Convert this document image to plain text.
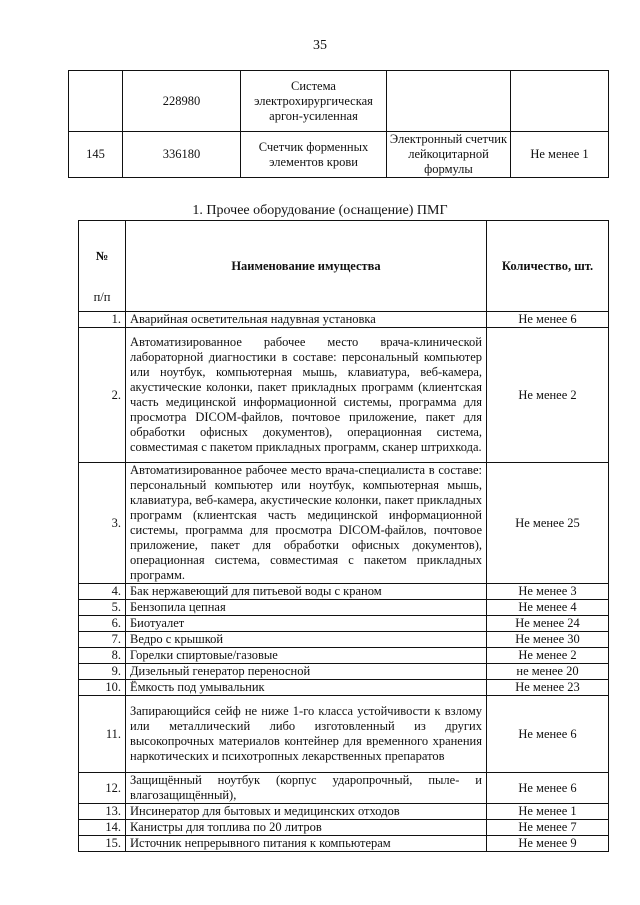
35
	228980	Система электрохирургическая аргон-усиленная		
145	336180	Счетчик форменных элементов крови	Электронный счетчик лейкоцитарной формулы	Не менее 1
1. Прочее оборудование (оснащение) ПМГ
№
п/п	Наименование имущества	Количество, шт.
1.	Аварийная осветительная надувная установка	Не менее 6
2.	Автоматизированное рабочее место врача-клинической лабораторной диагностики в составе: персональный компьютер или ноутбук, компьютерная мышь, клавиатура, веб-камера, акустические колонки, пакет прикладных программ (клиентская часть медицинской информационной системы, программа для просмотра DICOM-файлов, почтовое приложение, пакет для обработки офисных документов), операционная система, совместимая с пакетом прикладных программ, сканер штрихкода.	Не менее 2
3.	Автоматизированное рабочее место врача-специалиста в составе: персональный компьютер или ноутбук, компьютерная мышь, клавиатура, веб-камера, акустические колонки, пакет прикладных программ (клиентская часть медицинской информационной системы, программа для просмотра DICOM-файлов, почтовое приложение, пакет для обработки офисных документов), операционная система, совместимая с пакетом прикладных программ.	Не менее 25
4.	Бак нержавеющий для питьевой воды с краном	Не менее 3
5.	Бензопила цепная	Не менее 4
6.	Биотуалет	Не менее 24
7.	Ведро с крышкой	Не менее 30
8.	Горелки спиртовые/газовые	Не менее 2
9.	Дизельный генератор переносной	не менее 20
10.	Ёмкость под умывальник	Не менее 23
11.	Запирающийся сейф не ниже 1-го класса устойчивости к взлому или металлический либо изготовленный из других высокопрочных материалов контейнер для временного хранения наркотических и психотропных лекарственных препаратов	Не менее 6
12.	Защищённый ноутбук (корпус ударопрочный, пыле- и влагозащищённый),	Не менее 6
13.	Инсинератор для бытовых и медицинских отходов	Не менее 1
14.	Канистры для топлива по 20 литров	Не менее 7
15.	Источник непрерывного питания к компьютерам	Не менее 9
